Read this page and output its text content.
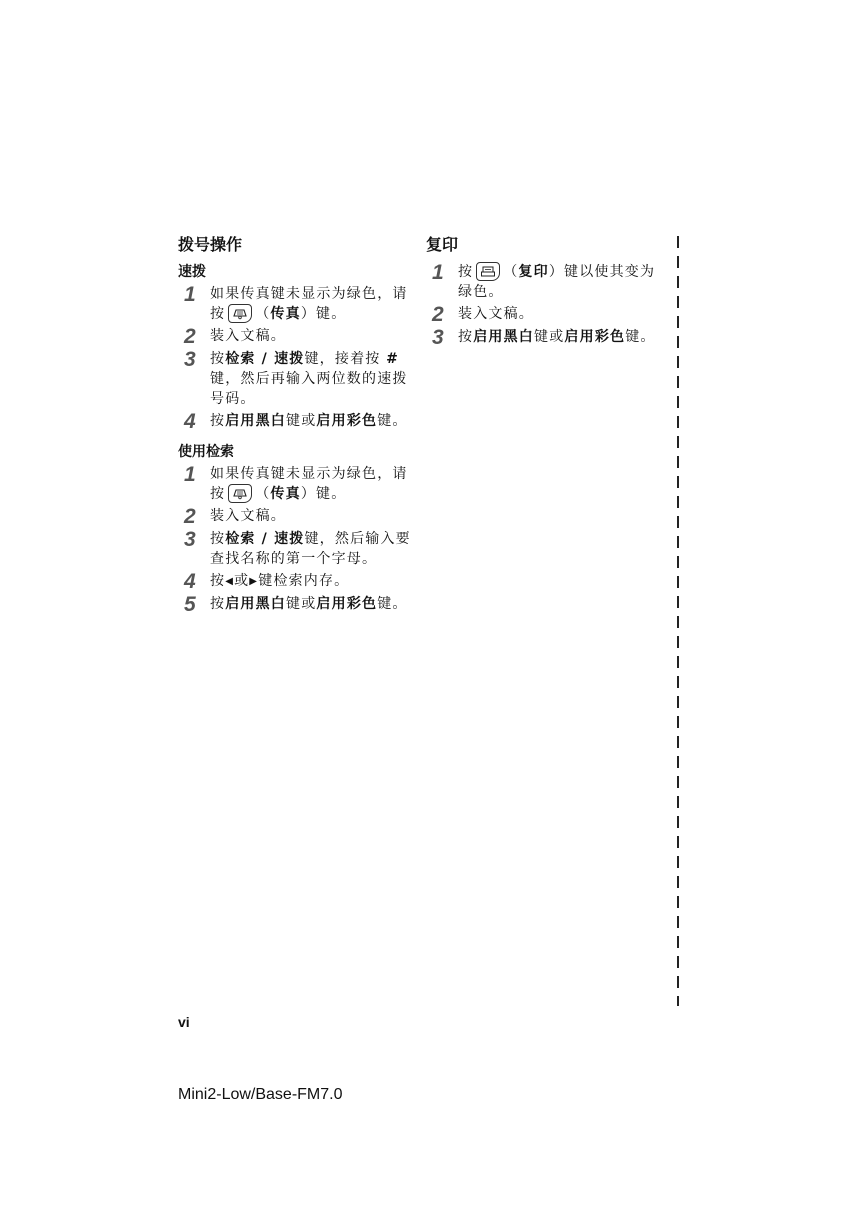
拨号操作
速拨
1	如果传真键未显示为绿色，请按 （传真）键。
2	装入文稿。
3	按检索 / 速拨键，接着按 #键，然后再输入两位数的速拨号码。
4	按启用黑白键或启用彩色键。
使用检索
1	如果传真键未显示为绿色，请按 （传真）键。
2	装入文稿。
3	按检索 / 速拨键，然后输入要查找名称的第一个字母。
4	按◀或▶键检索内存。
5	按启用黑白键或启用彩色键。
复印
1	按 （复印）键以使其变为绿色。
2	装入文稿。
3	按启用黑白键或启用彩色键。
vi
Mini2-Low/Base-FM7.0
